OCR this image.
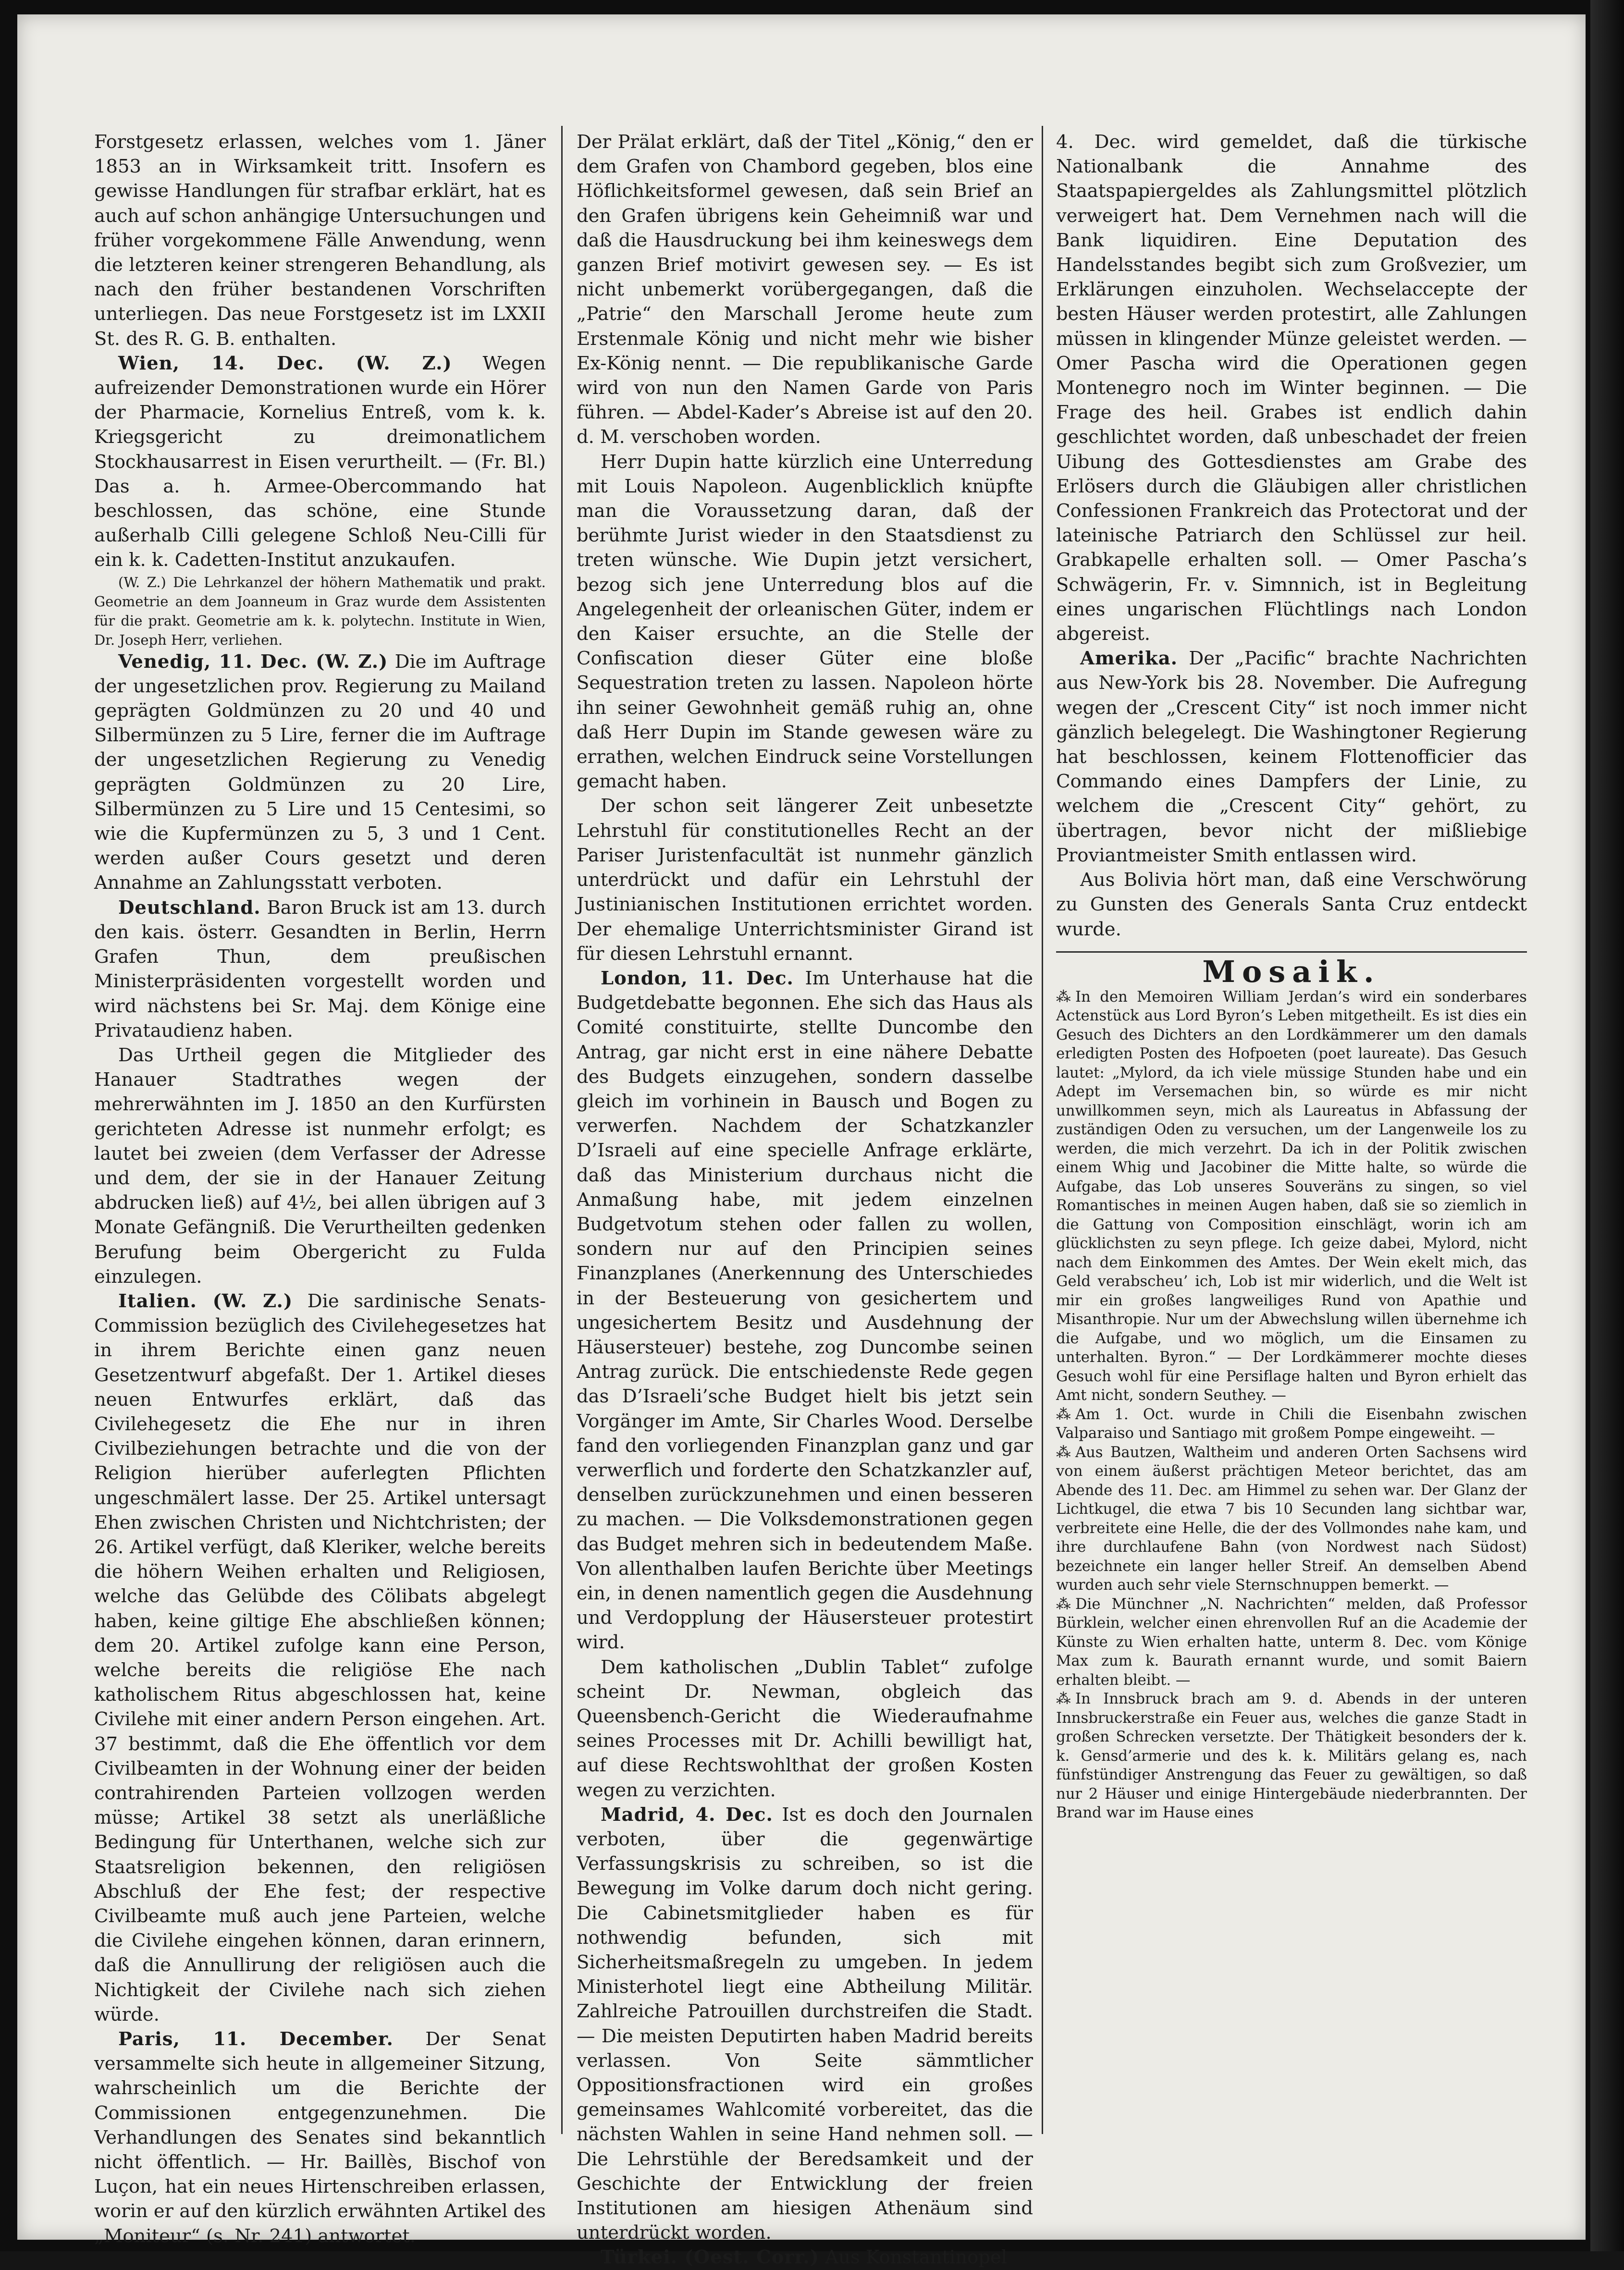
Forstgesetz erlassen, welches vom 1. Jäner 1853 an in Wirksamkeit tritt. Insofern es gewisse Handlungen für strafbar erklärt, hat es auch auf schon anhängige Untersuchungen und früher vorgekommene Fälle Anwendung, wenn die letzteren keiner strengeren Behandlung, als nach den früher bestandenen Vorschriften unterliegen. Das neue Forstgesetz ist im LXXII St. des R. G. B. enthalten.

Wien, 14. Dec. (W. Z.) Wegen aufreizender Demonstrationen wurde ein Hörer der Pharmacie, Kornelius Entreß, vom k. k. Kriegsgericht zu dreimonatlichem Stockhausarrest in Eisen verurtheilt. — (Fr. Bl.) Das a. h. Armee-Obercommando hat beschlossen, das schöne, eine Stunde außerhalb Cilli gelegene Schloß Neu-Cilli für ein k. k. Cadetten-Institut anzukaufen.

(W. Z.) Die Lehrkanzel der höhern Mathematik und prakt. Geometrie an dem Joanneum in Graz wurde dem Assistenten für die prakt. Geometrie am k. k. polytechn. Institute in Wien, Dr. Joseph Herr, verliehen.

Venedig, 11. Dec. (W. Z.) Die im Auftrage der ungesetzlichen prov. Regierung zu Mailand geprägten Goldmünzen zu 20 und 40 und Silbermünzen zu 5 Lire, ferner die im Auftrage der ungesetzlichen Regierung zu Venedig geprägten Goldmünzen zu 20 Lire, Silbermünzen zu 5 Lire und 15 Centesimi, so wie die Kupfermünzen zu 5, 3 und 1 Cent. werden außer Cours gesetzt und deren Annahme an Zahlungsstatt verboten.

Deutschland. Baron Bruck ist am 13. durch den kais. österr. Gesandten in Berlin, Herrn Grafen Thun, dem preußischen Ministerpräsidenten vorgestellt worden und wird nächstens bei Sr. Maj. dem Könige eine Privataudienz haben.

Das Urtheil gegen die Mitglieder des Hanauer Stadtrathes wegen der mehrerwähnten im J. 1850 an den Kurfürsten gerichteten Adresse ist nunmehr erfolgt; es lautet bei zweien (dem Verfasser der Adresse und dem, der sie in der Hanauer Zeitung abdrucken ließ) auf 4½, bei allen übrigen auf 3 Monate Gefängniß. Die Verurtheilten gedenken Berufung beim Obergericht zu Fulda einzulegen.

Italien. (W. Z.) Die sardinische Senats-Commission bezüglich des Civilehegesetzes hat in ihrem Berichte einen ganz neuen Gesetzentwurf abgefaßt. Der 1. Artikel dieses neuen Entwurfes erklärt, daß das Civilehegesetz die Ehe nur in ihren Civilbeziehungen betrachte und die von der Religion hierüber auferlegten Pflichten ungeschmälert lasse. Der 25. Artikel untersagt Ehen zwischen Christen und Nichtchristen; der 26. Artikel verfügt, daß Kleriker, welche bereits die höhern Weihen erhalten und Religiosen, welche das Gelübde des Cölibats abgelegt haben, keine giltige Ehe abschließen können; dem 20. Artikel zufolge kann eine Person, welche bereits die religiöse Ehe nach katholischem Ritus abgeschlossen hat, keine Civilehe mit einer andern Person eingehen. Art. 37 bestimmt, daß die Ehe öffentlich vor dem Civilbeamten in der Wohnung einer der beiden contrahirenden Parteien vollzogen werden müsse; Artikel 38 setzt als unerläßliche Bedingung für Unterthanen, welche sich zur Staatsreligion bekennen, den religiösen Abschluß der Ehe fest; der respective Civilbeamte muß auch jene Parteien, welche die Civilehe eingehen können, daran erinnern, daß die Annullirung der religiösen auch die Nichtigkeit der Civilehe nach sich ziehen würde.

Paris, 11. December. Der Senat versammelte sich heute in allgemeiner Sitzung, wahrscheinlich um die Berichte der Commissionen entgegenzunehmen. Die Verhandlungen des Senates sind bekanntlich nicht öffentlich. — Hr. Baillès, Bischof von Luçon, hat ein neues Hirtenschreiben erlassen, worin er auf den kürzlich erwähnten Artikel des „Moniteur“ (s. Nr. 241) antwortet.

Der Prälat erklärt, daß der Titel „König,“ den er dem Grafen von Chambord gegeben, blos eine Höflichkeitsformel gewesen, daß sein Brief an den Grafen übrigens kein Geheimniß war und daß die Hausdruckung bei ihm keineswegs dem ganzen Brief motivirt gewesen sey. — Es ist nicht unbemerkt vorübergegangen, daß die „Patrie“ den Marschall Jerome heute zum Erstenmale König und nicht mehr wie bisher Ex-König nennt. — Die republikanische Garde wird von nun den Namen Garde von Paris führen. — Abdel-Kader’s Abreise ist auf den 20. d. M. verschoben worden.

Herr Dupin hatte kürzlich eine Unterredung mit Louis Napoleon. Augenblicklich knüpfte man die Voraussetzung daran, daß der berühmte Jurist wieder in den Staatsdienst zu treten wünsche. Wie Dupin jetzt versichert, bezog sich jene Unterredung blos auf die Angelegenheit der orleanischen Güter, indem er den Kaiser ersuchte, an die Stelle der Confiscation dieser Güter eine bloße Sequestration treten zu lassen. Napoleon hörte ihn seiner Gewohnheit gemäß ruhig an, ohne daß Herr Dupin im Stande gewesen wäre zu errathen, welchen Eindruck seine Vorstellungen gemacht haben.

Der schon seit längerer Zeit unbesetzte Lehrstuhl für constitutionelles Recht an der Pariser Juristenfacultät ist nunmehr gänzlich unterdrückt und dafür ein Lehrstuhl der Justinianischen Institutionen errichtet worden. Der ehemalige Unterrichtsminister Girand ist für diesen Lehrstuhl ernannt.

London, 11. Dec. Im Unterhause hat die Budgetdebatte begonnen. Ehe sich das Haus als Comité constituirte, stellte Duncombe den Antrag, gar nicht erst in eine nähere Debatte des Budgets einzugehen, sondern dasselbe gleich im vorhinein in Bausch und Bogen zu verwerfen. Nachdem der Schatzkanzler D’Israeli auf eine specielle Anfrage erklärte, daß das Ministerium durchaus nicht die Anmaßung habe, mit jedem einzelnen Budgetvotum stehen oder fallen zu wollen, sondern nur auf den Principien seines Finanzplanes (Anerkennung des Unterschiedes in der Besteuerung von gesichertem und ungesichertem Besitz und Ausdehnung der Häusersteuer) bestehe, zog Duncombe seinen Antrag zurück. Die entschiedenste Rede gegen das D’Israeli’sche Budget hielt bis jetzt sein Vorgänger im Amte, Sir Charles Wood. Derselbe fand den vorliegenden Finanzplan ganz und gar verwerflich und forderte den Schatzkanzler auf, denselben zurückzunehmen und einen besseren zu machen. — Die Volksdemonstrationen gegen das Budget mehren sich in bedeutendem Maße. Von allenthalben laufen Berichte über Meetings ein, in denen namentlich gegen die Ausdehnung und Verdopplung der Häusersteuer protestirt wird.

Dem katholischen „Dublin Tablet“ zufolge scheint Dr. Newman, obgleich das Queensbench-Gericht die Wiederaufnahme seines Processes mit Dr. Achilli bewilligt hat, auf diese Rechtswohlthat der großen Kosten wegen zu verzichten.

Madrid, 4. Dec. Ist es doch den Journalen verboten, über die gegenwärtige Verfassungskrisis zu schreiben, so ist die Bewegung im Volke darum doch nicht gering. Die Cabinetsmitglieder haben es für nothwendig befunden, sich mit Sicherheitsmaßregeln zu umgeben. In jedem Ministerhotel liegt eine Abtheilung Militär. Zahlreiche Patrouillen durchstreifen die Stadt. — Die meisten Deputirten haben Madrid bereits verlassen. Von Seite sämmtlicher Oppositionsfractionen wird ein großes gemeinsames Wahlcomité vorbereitet, das die nächsten Wahlen in seine Hand nehmen soll. — Die Lehrstühle der Beredsamkeit und der Geschichte der Entwicklung der freien Institutionen am hiesigen Athenäum sind unterdrückt worden.

Türkei. (Oest. Corr.) Aus Konstantinopel

4. Dec. wird gemeldet, daß die türkische Nationalbank die Annahme des Staatspapiergeldes als Zahlungsmittel plötzlich verweigert hat. Dem Vernehmen nach will die Bank liquidiren. Eine Deputation des Handelsstandes begibt sich zum Großvezier, um Erklärungen einzuholen. Wechselaccepte der besten Häuser werden protestirt, alle Zahlungen müssen in klingender Münze geleistet werden. — Omer Pascha wird die Operationen gegen Montenegro noch im Winter beginnen. — Die Frage des heil. Grabes ist endlich dahin geschlichtet worden, daß unbeschadet der freien Uibung des Gottesdienstes am Grabe des Erlösers durch die Gläubigen aller christlichen Confessionen Frankreich das Protectorat und der lateinische Patriarch den Schlüssel zur heil. Grabkapelle erhalten soll. — Omer Pascha’s Schwägerin, Fr. v. Simnnich, ist in Begleitung eines ungarischen Flüchtlings nach London abgereist.

Amerika. Der „Pacific“ brachte Nachrichten aus New-York bis 28. November. Die Aufregung wegen der „Crescent City“ ist noch immer nicht gänzlich belegelegt. Die Washingtoner Regierung hat beschlossen, keinem Flottenofficier das Commando eines Dampfers der Linie, zu welchem die „Crescent City“ gehört, zu übertragen, bevor nicht der mißliebige Proviantmeister Smith entlassen wird.

Aus Bolivia hört man, daß eine Verschwörung zu Gunsten des Generals Santa Cruz entdeckt wurde.

Mosaik.

⁂ In den Memoiren William Jerdan’s wird ein sonderbares Actenstück aus Lord Byron’s Leben mitgetheilt. Es ist dies ein Gesuch des Dichters an den Lordkämmerer um den damals erledigten Posten des Hofpoeten (poet laureate). Das Gesuch lautet: „Mylord, da ich viele müssige Stunden habe und ein Adept im Versemachen bin, so würde es mir nicht unwillkommen seyn, mich als Laureatus in Abfassung der zuständigen Oden zu versuchen, um der Langenweile los zu werden, die mich verzehrt. Da ich in der Politik zwischen einem Whig und Jacobiner die Mitte halte, so würde die Aufgabe, das Lob unseres Souveräns zu singen, so viel Romantisches in meinen Augen haben, daß sie so ziemlich in die Gattung von Composition einschlägt, worin ich am glücklichsten zu seyn pflege. Ich geize dabei, Mylord, nicht nach dem Einkommen des Amtes. Der Wein ekelt mich, das Geld verabscheu’ ich, Lob ist mir widerlich, und die Welt ist mir ein großes langweiliges Rund von Apathie und Misanthropie. Nur um der Abwechslung willen übernehme ich die Aufgabe, und wo möglich, um die Einsamen zu unterhalten. Byron.“ — Der Lordkämmerer mochte dieses Gesuch wohl für eine Persiflage halten und Byron erhielt das Amt nicht, sondern Seuthey. —

⁂ Am 1. Oct. wurde in Chili die Eisenbahn zwischen Valparaiso und Santiago mit großem Pompe eingeweiht. —

⁂ Aus Bautzen, Waltheim und anderen Orten Sachsens wird von einem äußerst prächtigen Meteor berichtet, das am Abende des 11. Dec. am Himmel zu sehen war. Der Glanz der Lichtkugel, die etwa 7 bis 10 Secunden lang sichtbar war, verbreitete eine Helle, die der des Vollmondes nahe kam, und ihre durchlaufene Bahn (von Nordwest nach Südost) bezeichnete ein langer heller Streif. An demselben Abend wurden auch sehr viele Sternschnuppen bemerkt. —

⁂ Die Münchner „N. Nachrichten“ melden, daß Professor Bürklein, welcher einen ehrenvollen Ruf an die Academie der Künste zu Wien erhalten hatte, unterm 8. Dec. vom Könige Max zum k. Baurath ernannt wurde, und somit Baiern erhalten bleibt. —

⁂ In Innsbruck brach am 9. d. Abends in der unteren Innsbruckerstraße ein Feuer aus, welches die ganze Stadt in großen Schrecken versetzte. Der Thätigkeit besonders der k. k. Gensd’armerie und des k. k. Militärs gelang es, nach fünfstündiger Anstrengung das Feuer zu gewältigen, so daß nur 2 Häuser und einige Hintergebäude niederbrannten. Der Brand war im Hause eines
